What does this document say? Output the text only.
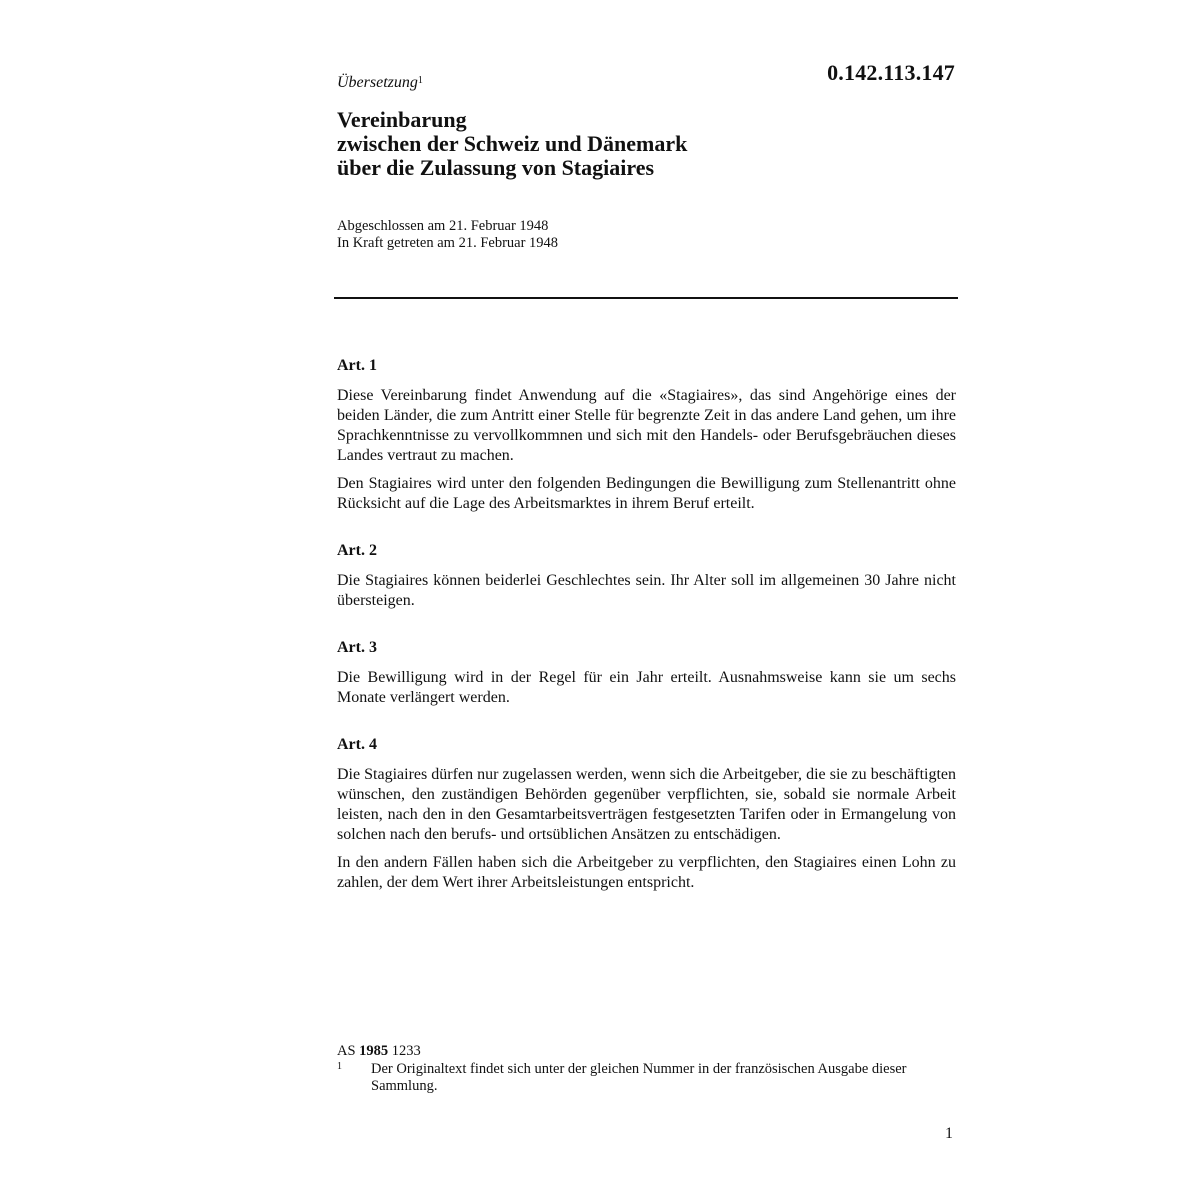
Übersetzung$^1$	0.142.113.147
Vereinbarung
zwischen der Schweiz und Dänemark
über die Zulassung von Stagiaires
Abgeschlossen am 21. Februar 1948
In Kraft getreten am 21. Februar 1948
Art. 1

Diese Vereinbarung findet Anwendung auf die «Stagiaires», das sind Angehörige eines der beiden Länder, die zum Antritt einer Stelle für begrenzte Zeit in das andere Land gehen, um ihre Sprachkenntnisse zu vervollkommnen und sich mit den Handels- oder Berufsgebräuchen dieses Landes vertraut zu machen.

Den Stagiaires wird unter den folgenden Bedingungen die Bewilligung zum Stellenantritt ohne Rücksicht auf die Lage des Arbeitsmarktes in ihrem Beruf erteilt.

Art. 2

Die Stagiaires können beiderlei Geschlechtes sein. Ihr Alter soll im allgemeinen 30 Jahre nicht übersteigen.

Art. 3

Die Bewilligung wird in der Regel für ein Jahr erteilt. Ausnahmsweise kann sie um sechs Monate verlängert werden.

Art. 4

Die Stagiaires dürfen nur zugelassen werden, wenn sich die Arbeitgeber, die sie zu beschäftigten wünschen, den zuständigen Behörden gegenüber verpflichten, sie, sobald sie normale Arbeit leisten, nach den in den Gesamtarbeitsverträgen festgesetzten Tarifen oder in Ermangelung von solchen nach den berufs- und ortsüblichen Ansätzen zu entschädigen.

In den andern Fällen haben sich die Arbeitgeber zu verpflichten, den Stagiaires einen Lohn zu zahlen, der dem Wert ihrer Arbeitsleistungen entspricht.

AS 1985 1233
1 Der Originaltext findet sich unter der gleichen Nummer in der französischen Ausgabe dieser Sammlung.
1
